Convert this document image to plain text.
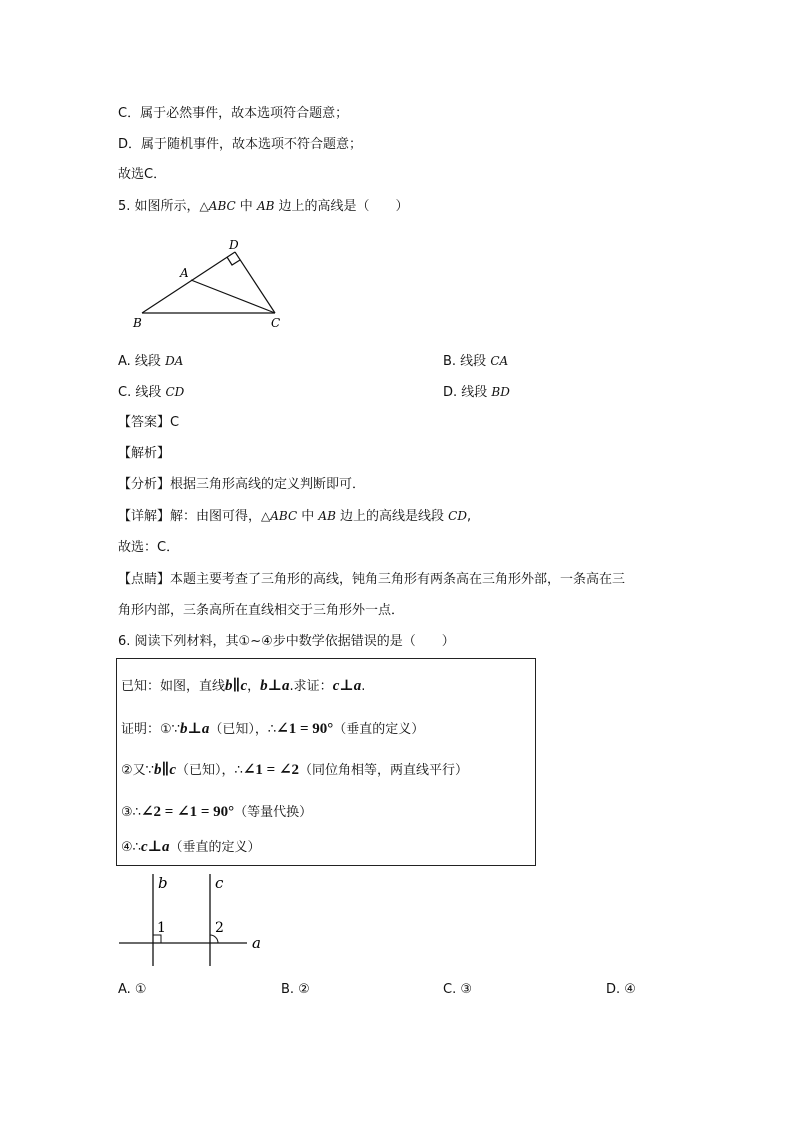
C．属于必然事件，故本选项符合题意；
D．属于随机事件，故本选项不符合题意；
故选C．
5. 如图所示，△ABC 中 AB 边上的高线是（　　）
D
A
B	C
A. 线段 DA	B. 线段 CA
C. 线段 CD	D. 线段 BD
【答案】C
【解析】
【分析】根据三角形高线的定义判断即可．
【详解】解：由图可得，△ABC 中 AB 边上的高线是线段 CD,
故选：C．
【点睛】本题主要考查了三角形的高线，钝角三角形有两条高在三角形外部，一条高在三
角形内部，三条高所在直线相交于三角形外一点．
6. 阅读下列材料，其①~④步中数学依据错误的是（　　）
已知：如图，直线b∥c，b⊥a.求证：c⊥a.
证明：①∵b⊥a（已知），∴∠1 = 90°（垂直的定义）
②又∵b∥c（已知），∴∠1 = ∠2（同位角相等，两直线平行）
③∴∠2 = ∠1 = 90°（等量代换）
④∴c⊥a（垂直的定义）
b	c
a
1	2
A. ①	B. ②	C. ③	D. ④
